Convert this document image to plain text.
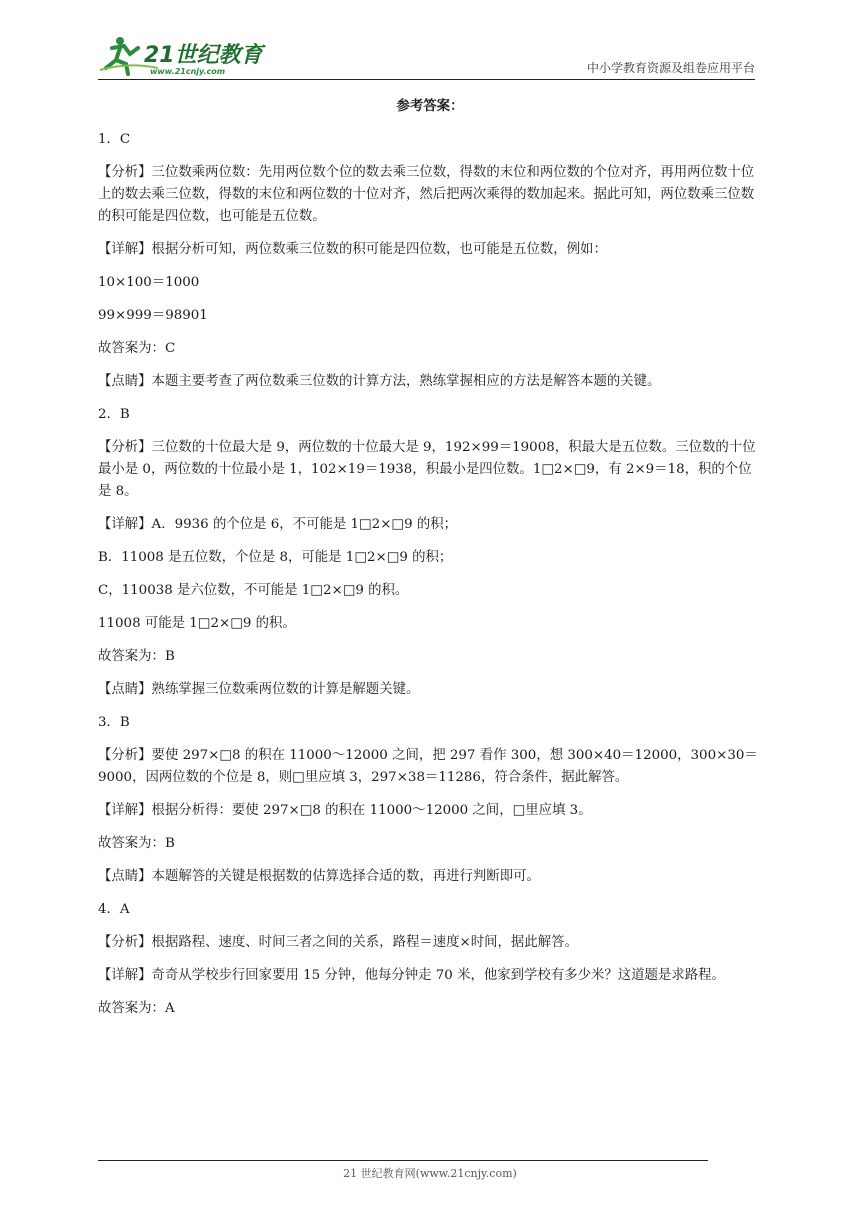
21世纪教育
www.21cnjy.com	中小学教育资源及组卷应用平台
参考答案：
1．C
【分析】三位数乘两位数：先用两位数个位的数去乘三位数，得数的末位和两位数的个位对齐，再用两位数十位上的数去乘三位数，得数的末位和两位数的十位对齐，然后把两次乘得的数加起来。据此可知，两位数乘三位数的积可能是四位数，也可能是五位数。
【详解】根据分析可知，两位数乘三位数的积可能是四位数，也可能是五位数，例如：
10×100＝1000
99×999＝98901
故答案为：C
【点睛】本题主要考查了两位数乘三位数的计算方法，熟练掌握相应的方法是解答本题的关键。
2．B
【分析】三位数的十位最大是 9，两位数的十位最大是 9，192×99＝19008，积最大是五位数。三位数的十位最小是 0，两位数的十位最小是 1，102×19＝1938，积最小是四位数。1□2×□9，有 2×9＝18，积的个位是 8。
【详解】A．9936 的个位是 6，不可能是 1□2×□9 的积；
B．11008 是五位数，个位是 8，可能是 1□2×□9 的积；
C，110038 是六位数，不可能是 1□2×□9 的积。
11008 可能是 1□2×□9 的积。
故答案为：B
【点睛】熟练掌握三位数乘两位数的计算是解题关键。
3．B
【分析】要使 297×□8 的积在 11000～12000 之间，把 297 看作 300，想 300×40＝12000，300×30＝9000，因两位数的个位是 8，则□里应填 3，297×38＝11286，符合条件，据此解答。
【详解】根据分析得：要使 297×□8 的积在 11000～12000 之间，□里应填 3。
故答案为：B
【点睛】本题解答的关键是根据数的估算选择合适的数，再进行判断即可。
4．A
【分析】根据路程、速度、时间三者之间的关系，路程＝速度×时间，据此解答。
【详解】奇奇从学校步行回家要用 15 分钟，他每分钟走 70 米，他家到学校有多少米？这道题是求路程。
故答案为：A
21 世纪教育网(www.21cnjy.com)
